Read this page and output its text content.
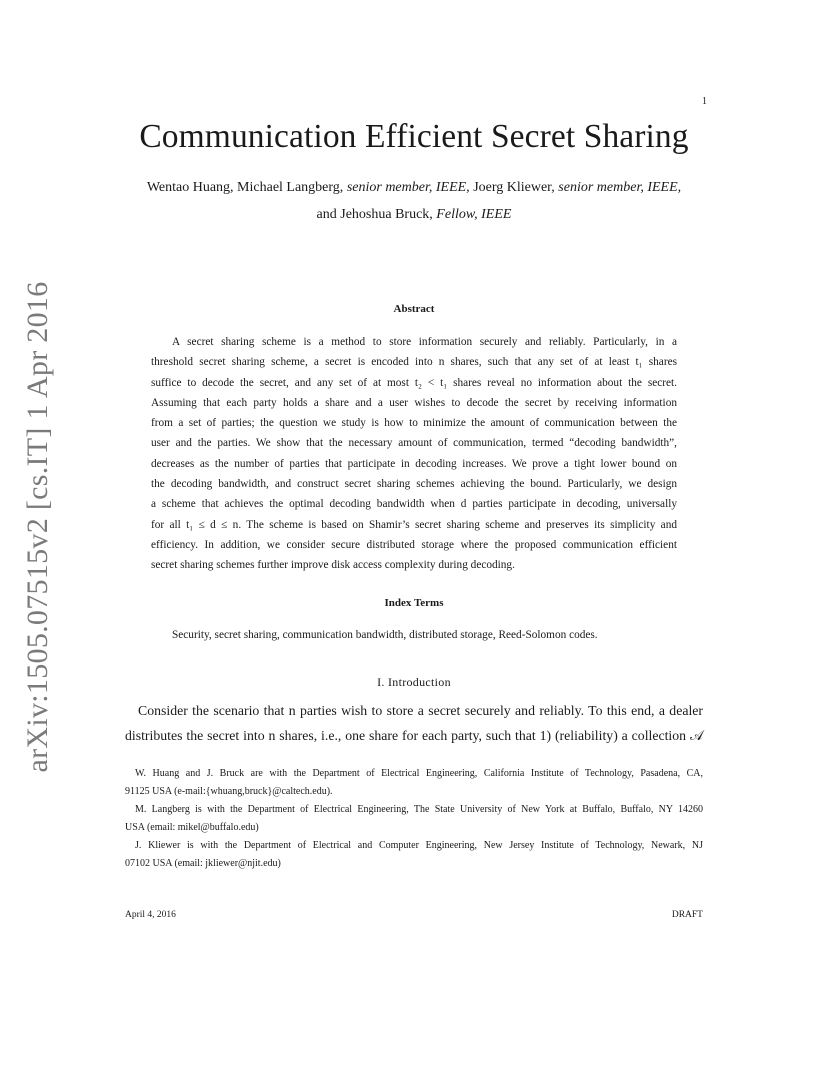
1
arXiv:1505.07515v2 [cs.IT] 1 Apr 2016
Communication Efficient Secret Sharing
Wentao Huang, Michael Langberg, senior member, IEEE, Joerg Kliewer, senior member, IEEE,
and Jehoshua Bruck, Fellow, IEEE
Abstract
A secret sharing scheme is a method to store information securely and reliably. Particularly, in a
threshold secret sharing scheme, a secret is encoded into n shares, such that any set of at least t₁ shares
suffice to decode the secret, and any set of at most t₂ < t₁ shares reveal no information about the secret.
Assuming that each party holds a share and a user wishes to decode the secret by receiving information
from a set of parties; the question we study is how to minimize the amount of communication between the
user and the parties. We show that the necessary amount of communication, termed “decoding bandwidth”,
decreases as the number of parties that participate in decoding increases. We prove a tight lower bound on
the decoding bandwidth, and construct secret sharing schemes achieving the bound. Particularly, we design
a scheme that achieves the optimal decoding bandwidth when d parties participate in decoding, universally
for all t₁ ≤ d ≤ n. The scheme is based on Shamir’s secret sharing scheme and preserves its simplicity and
efficiency. In addition, we consider secure distributed storage where the proposed communication efficient
secret sharing schemes further improve disk access complexity during decoding.
Index Terms
Security, secret sharing, communication bandwidth, distributed storage, Reed-Solomon codes.
I. Introduction
Consider the scenario that n parties wish to store a secret securely and reliably. To this end, a dealer
distributes the secret into n shares, i.e., one share for each party, such that 1) (reliability) a collection 𝒜
W. Huang and J. Bruck are with the Department of Electrical Engineering, California Institute of Technology, Pasadena, CA,
91125 USA (e-mail:{whuang,bruck}@caltech.edu).
M. Langberg is with the Department of Electrical Engineering, The State University of New York at Buffalo, Buffalo, NY 14260
USA (email: mikel@buffalo.edu)
J. Kliewer is with the Department of Electrical and Computer Engineering, New Jersey Institute of Technology, Newark, NJ
07102 USA (email: jkliewer@njit.edu)
April 4, 2016	DRAFT
